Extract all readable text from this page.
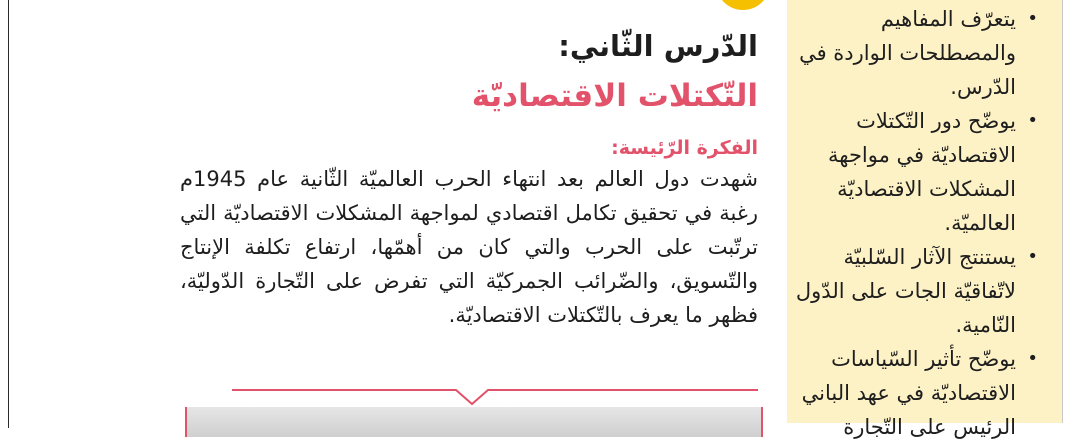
•
يتعرّف المفاهيم والمصطلحات الواردة في الدّرس.
•
يوضّح دور التّكتلات الاقتصاديّة في مواجهة المشكلات الاقتصاديّة العالميّة.
•
يستنتج الآثار السّلبيّة لاتّفاقيّة الجات على الدّول النّامية.
•
يوضّح تأثير السّياسات الاقتصاديّة في عهد الباني الرئيس على التّجارة
الدّرس الثّاني:
التّكتلات الاقتصاديّة
الفكرة الرّئيسة:

شهدت دول العالم بعد انتهاء الحرب العالميّة الثّانية عام 1945م رغبة في تحقيق تكامل اقتصادي لمواجهة المشكلات الاقتصاديّة التي ترتّبت على الحرب والتي كان من أهمّها، ارتفاع تكلفة الإنتاج والتّسويق، والضّرائب الجمركيّة التي تفرض على التّجارة الدّوليّة، فظهر ما يعرف بالتّكتلات الاقتصاديّة.
